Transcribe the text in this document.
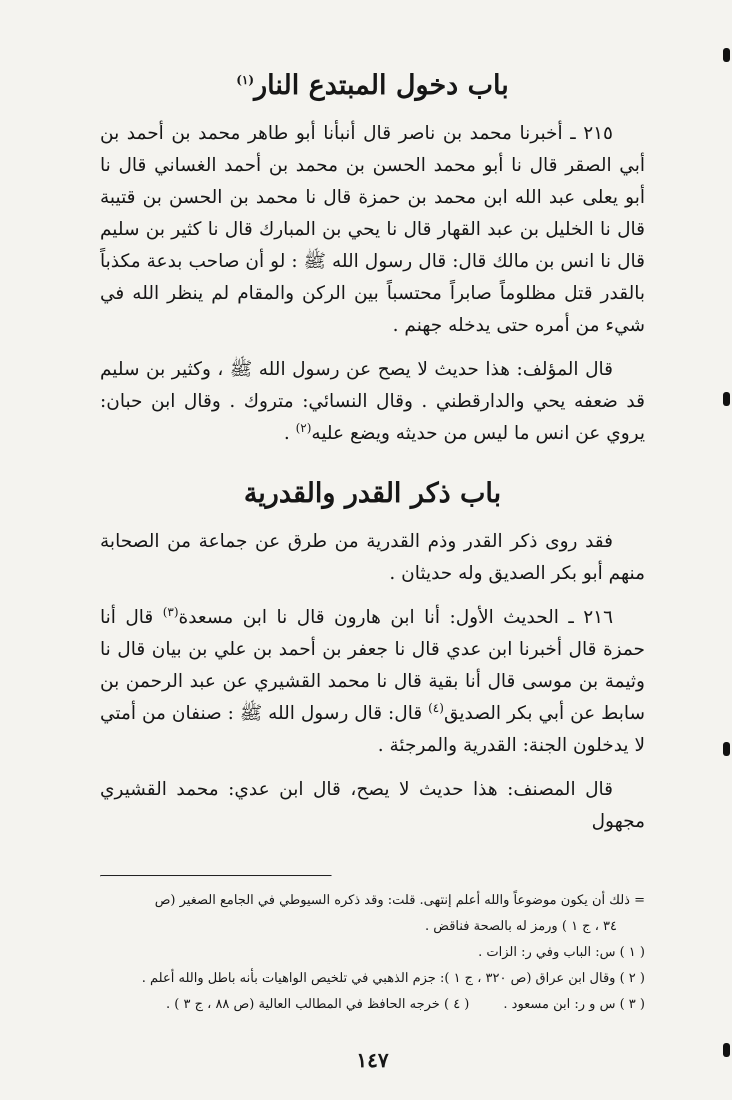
باب دخول المبتدع النار$^{(١)}$

٢١٥ ـ أخبرنا محمد بن ناصر قال أنبأنا أبو طاهر محمد بن أحمد بن أبي الصقر قال نا أبو محمد الحسن بن محمد بن أحمد الغساني قال نا أبو يعلى عبد الله ابن محمد بن حمزة قال نا محمد بن الحسن بن قتيبة قال نا الخليل بن عبد القهار قال نا يحي بن المبارك قال نا كثير بن سليم قال نا انس بن مالك قال: قال رسول الله ﷺ : لو أن صاحب بدعة مكذباً بالقدر قتل مظلوماً صابراً محتسباً بين الركن والمقام لم ينظر الله في شيء من أمره حتى يدخله جهنم .

قال المؤلف: هذا حديث لا يصح عن رسول الله ﷺ ، وكثير بن سليم قد ضعفه يحي والدارقطني . وقال النسائي: متروك . وقال ابن حبان: يروي عن انس ما ليس من حديثه ويضع عليه$^{(٢)}$ .

باب ذكر القدر والقدرية

فقد روى ذكر القدر وذم القدرية من طرق عن جماعة من الصحابة منهم أبو بكر الصديق وله حديثان .

٢١٦ ـ الحديث الأول: أنا ابن هارون قال نا ابن مسعدة$^{(٣)}$ قال أنا حمزة قال أخبرنا ابن عدي قال نا جعفر بن أحمد بن علي بن بيان قال نا وثيمة بن موسى قال أنا بقية قال نا محمد القشيري عن عبد الرحمن بن سابط عن أبي بكر الصديق$^{(٤)}$ قال: قال رسول الله ﷺ : صنفان من أمتي لا يدخلون الجنة: القدرية والمرجئة .

قال المصنف: هذا حديث لا يصح، قال ابن عدي: محمد القشيري مجهول

= ذلك أن يكون موضوعاً والله أعلم إنتهى. قلت: وقد ذكره السيوطي في الجامع الصغير (ص

٣٤ ، ج ١ ) ورمز له بالصحة فناقض .

( ١ ) س: الباب وفي ر: الزات .

( ٢ ) وقال ابن عراق (ص ٣٢٠ ، ج ١ ): جزم الذهبي في تلخيص الواهيات بأنه باطل والله أعلم .

( ٣ ) س و ر: ابن مسعود .

( ٤ ) خرجه الحافظ في المطالب العالية (ص ٨٨ ، ج ٣ ) .

١٤٧
